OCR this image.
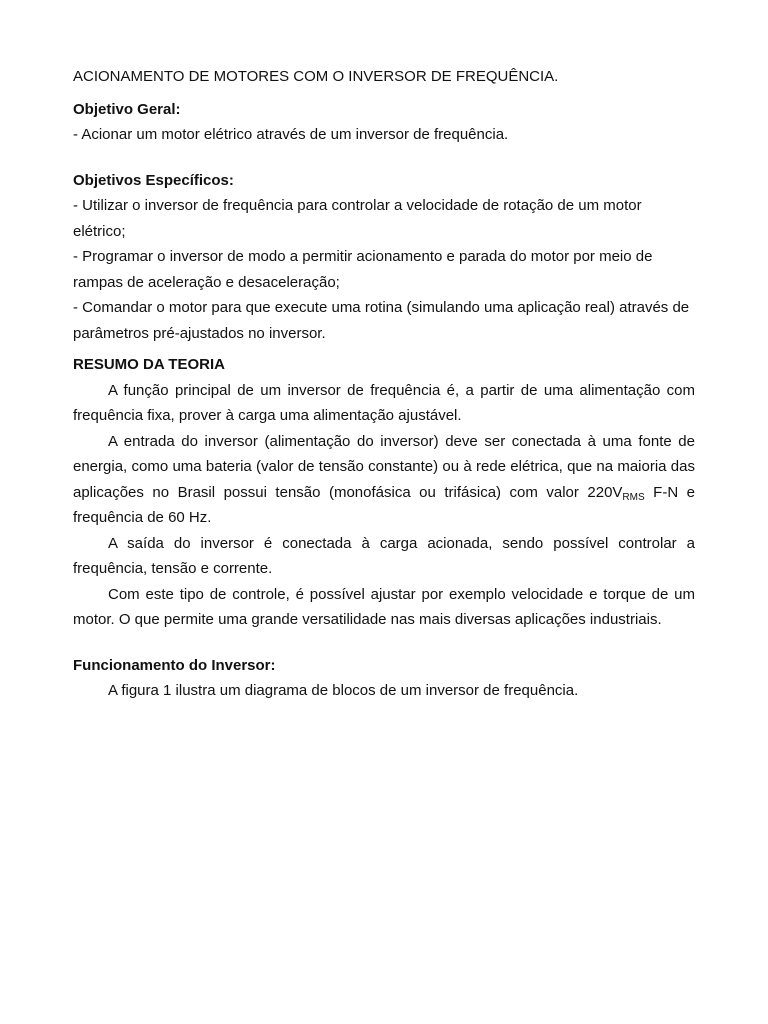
ACIONAMENTO DE MOTORES COM O INVERSOR DE FREQUÊNCIA.
Objetivo Geral:

- Acionar um motor elétrico através de um inversor de frequência.

Objetivos Específicos:

- Utilizar o inversor de frequência para controlar a velocidade de rotação de um motor elétrico;

- Programar o inversor de modo a permitir acionamento e parada do motor por meio de rampas de aceleração e desaceleração;

- Comandar o motor para que execute uma rotina (simulando uma aplicação real) através de parâmetros pré-ajustados no inversor.

RESUMO DA TEORIA

A função principal de um inversor de frequência é, a partir de uma alimentação com frequência fixa, prover à carga uma alimentação ajustável.

A entrada do inversor (alimentação do inversor) deve ser conectada à uma fonte de energia, como uma bateria (valor de tensão constante) ou à rede elétrica, que na maioria das aplicações no Brasil possui tensão (monofásica ou trifásica) com valor $220V_{RMS}$ F-N e frequência de 60 Hz.

A saída do inversor é conectada à carga acionada, sendo possível controlar a frequência, tensão e corrente.

Com este tipo de controle, é possível ajustar por exemplo velocidade e torque de um motor. O que permite uma grande versatilidade nas mais diversas aplicações industriais.

Funcionamento do Inversor:

A figura 1 ilustra um diagrama de blocos de um inversor de frequência.
